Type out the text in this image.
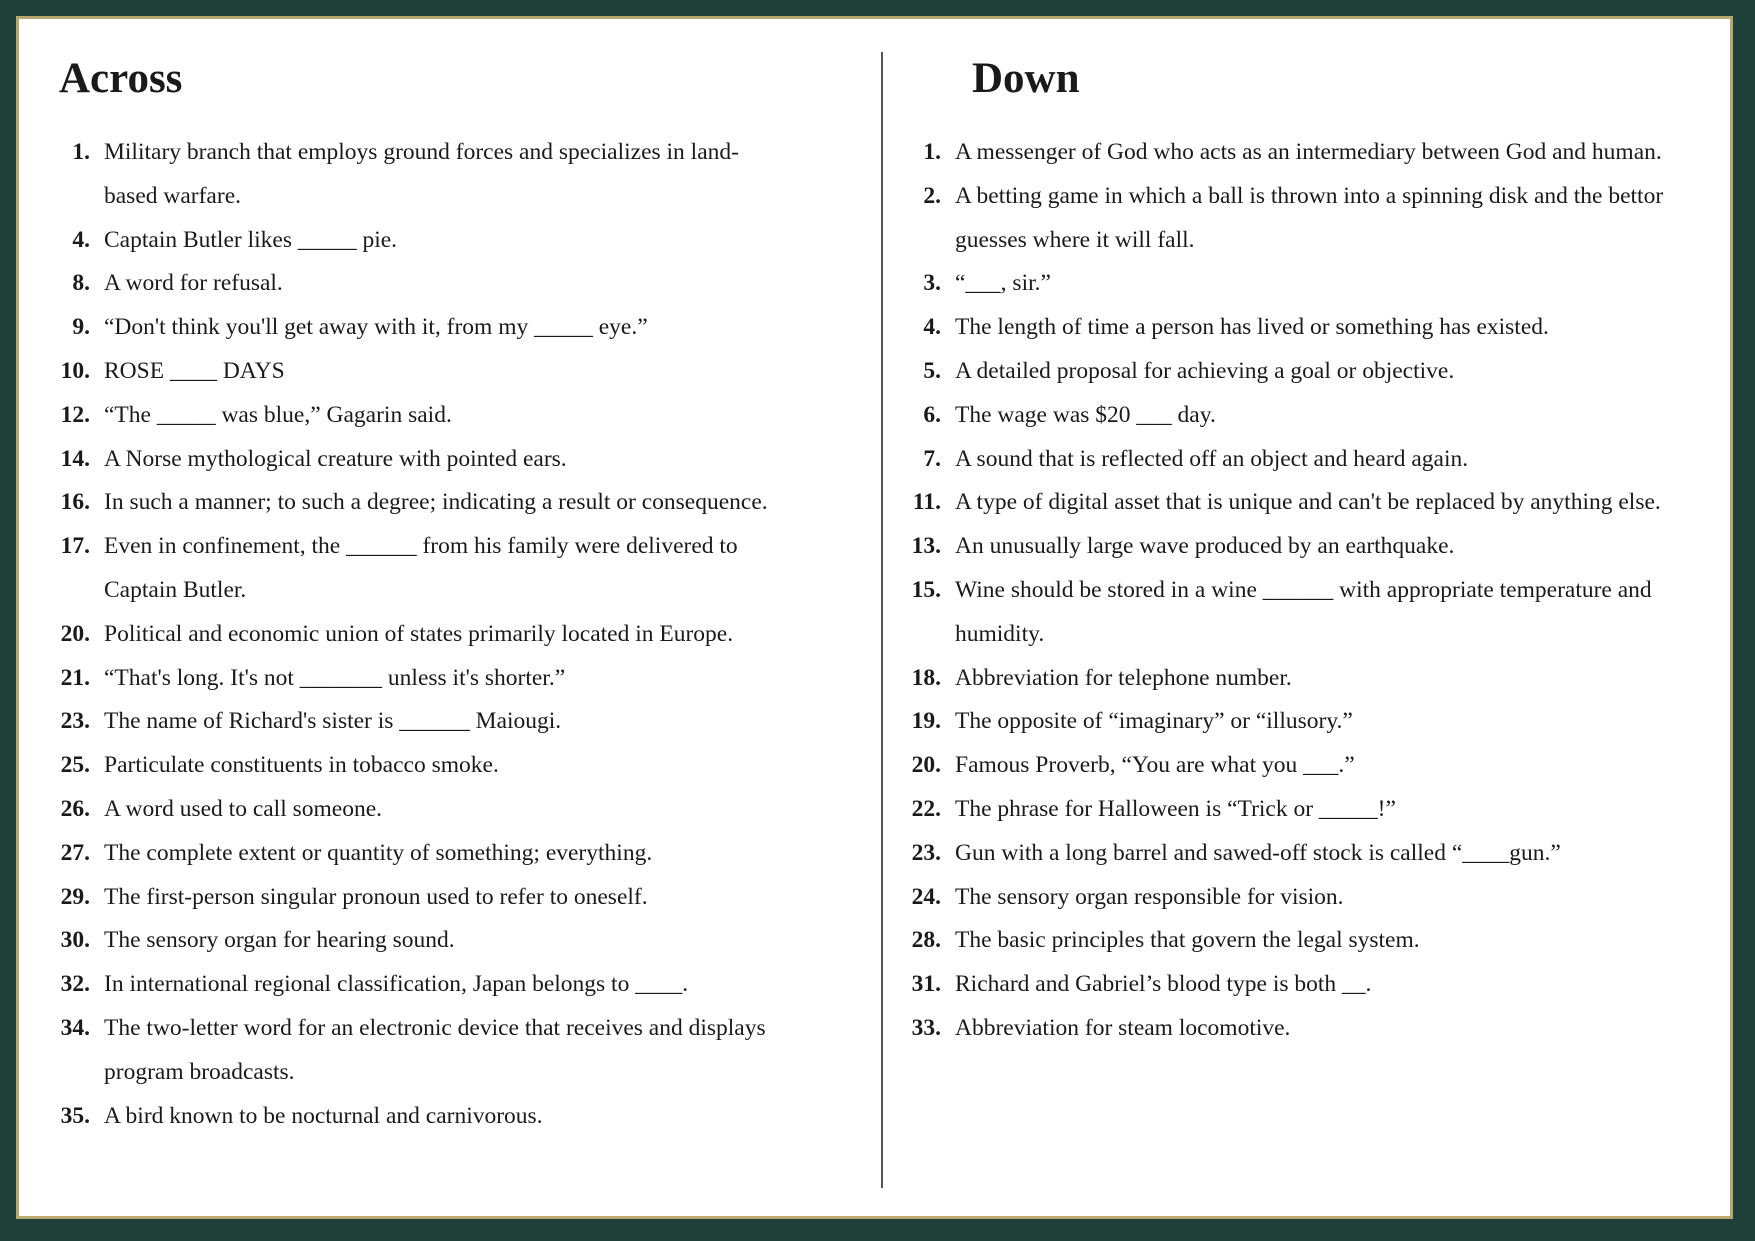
Across
1. Military branch that employs ground forces and specializes in land-based warfare.
4. Captain Butler likes _____ pie.
8. A word for refusal.
9. “Don't think you'll get away with it, from my _____ eye.”
10. ROSE ____ DAYS
12. “The _____ was blue,” Gagarin said.
14. A Norse mythological creature with pointed ears.
16. In such a manner; to such a degree; indicating a result or consequence.
17. Even in confinement, the ______ from his family were delivered to Captain Butler.
20. Political and economic union of states primarily located in Europe.
21. “That's long. It's not _______ unless it's shorter.”
23. The name of Richard's sister is ______ Maiougi.
25. Particulate constituents in tobacco smoke.
26. A word used to call someone.
27. The complete extent or quantity of something; everything.
29. The first-person singular pronoun used to refer to oneself.
30. The sensory organ for hearing sound.
32. In international regional classification, Japan belongs to ____.
34. The two-letter word for an electronic device that receives and displays program broadcasts.
35. A bird known to be nocturnal and carnivorous.
Down
1. A messenger of God who acts as an intermediary between God and human.
2. A betting game in which a ball is thrown into a spinning disk and the bettor guesses where it will fall.
3. “___, sir.”
4. The length of time a person has lived or something has existed.
5. A detailed proposal for achieving a goal or objective.
6. The wage was $20 ___ day.
7. A sound that is reflected off an object and heard again.
11. A type of digital asset that is unique and can't be replaced by anything else.
13. An unusually large wave produced by an earthquake.
15. Wine should be stored in a wine ______ with appropriate temperature and humidity.
18. Abbreviation for telephone number.
19. The opposite of “imaginary” or “illusory.”
20. Famous Proverb, “You are what you ___.”
22. The phrase for Halloween is “Trick or _____!”
23. Gun with a long barrel and sawed-off stock is called “____gun.”
24. The sensory organ responsible for vision.
28. The basic principles that govern the legal system.
31. Richard and Gabriel’s blood type is both __.
33. Abbreviation for steam locomotive.
